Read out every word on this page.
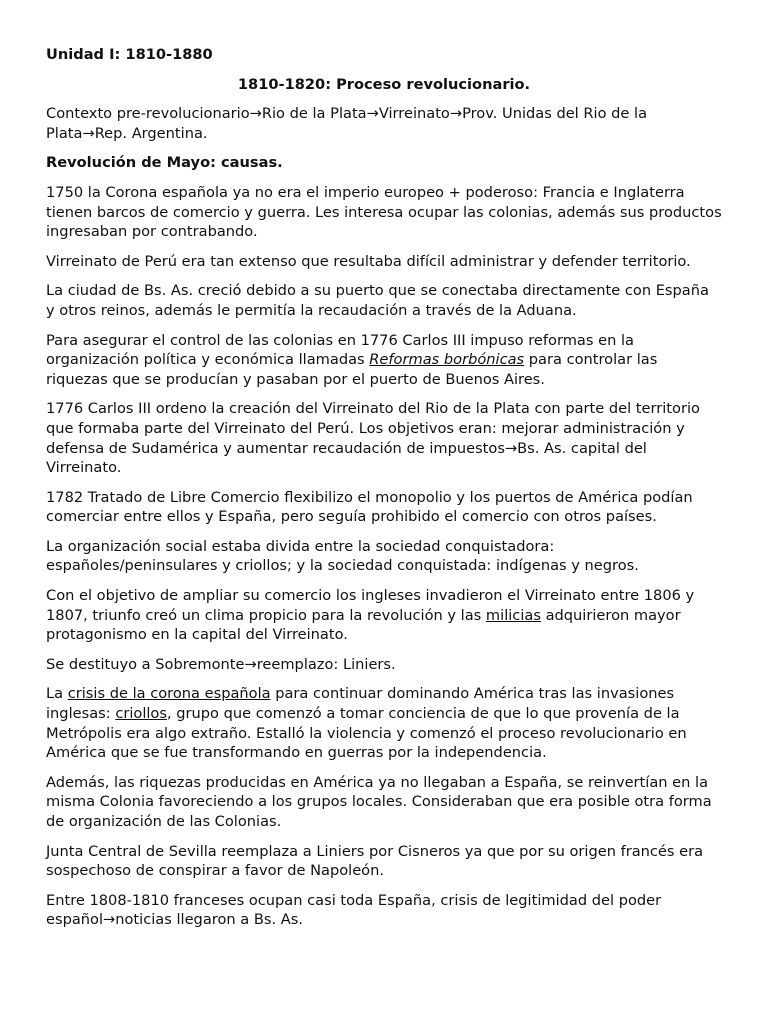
Unidad I: 1810-1880
1810-1820: Proceso revolucionario.

Contexto pre-revolucionario→Rio de la Plata→Virreinato→Prov. Unidas del Rio de la Plata→Rep. Argentina.

Revolución de Mayo: causas.

1750 la Corona española ya no era el imperio europeo + poderoso: Francia e Inglaterra tienen barcos de comercio y guerra. Les interesa ocupar las colonias, además sus productos ingresaban por contrabando.

Virreinato de Perú era tan extenso que resultaba difícil administrar y defender territorio.

La ciudad de Bs. As. creció debido a su puerto que se conectaba directamente con España y otros reinos, además le permitía la recaudación a través de la Aduana.

Para asegurar el control de las colonias en 1776 Carlos III impuso reformas en la organización política y económica llamadas Reformas borbónicas para controlar las riquezas que se producían y pasaban por el puerto de Buenos Aires.

1776 Carlos III ordeno la creación del Virreinato del Rio de la Plata con parte del territorio que formaba parte del Virreinato del Perú. Los objetivos eran: mejorar administración y defensa de Sudamérica y aumentar recaudación de impuestos→Bs. As. capital del Virreinato.

1782 Tratado de Libre Comercio flexibilizo el monopolio y los puertos de América podían comerciar entre ellos y España, pero seguía prohibido el comercio con otros países.

La organización social estaba divida entre la sociedad conquistadora: españoles/peninsulares y criollos; y la sociedad conquistada: indígenas y negros.

Con el objetivo de ampliar su comercio los ingleses invadieron el Virreinato entre 1806 y 1807, triunfo creó un clima propicio para la revolución y las milicias adquirieron mayor protagonismo en la capital del Virreinato.

Se destituyo a Sobremonte→reemplazo: Liniers.

La crisis de la corona española para continuar dominando América tras las invasiones inglesas: criollos, grupo que comenzó a tomar conciencia de que lo que provenía de la Metrópolis era algo extraño. Estalló la violencia y comenzó el proceso revolucionario en América que se fue transformando en guerras por la independencia.

Además, las riquezas producidas en América ya no llegaban a España, se reinvertían en la misma Colonia favoreciendo a los grupos locales. Consideraban que era posible otra forma de organización de las Colonias.

Junta Central de Sevilla reemplaza a Liniers por Cisneros ya que por su origen francés era sospechoso de conspirar a favor de Napoleón.

Entre 1808-1810 franceses ocupan casi toda España, crisis de legitimidad del poder español→noticias llegaron a Bs. As.
